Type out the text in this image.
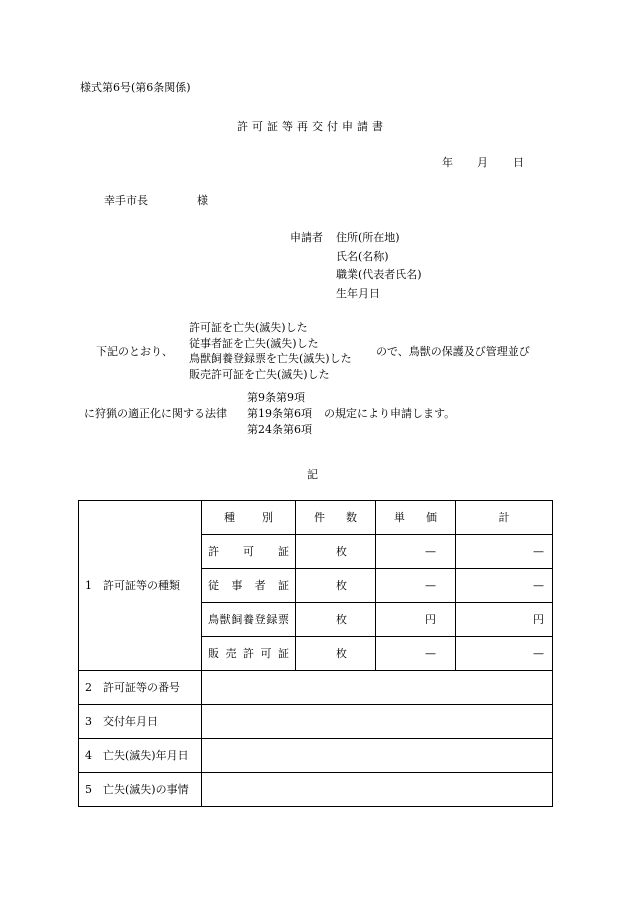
様式第6号(第6条関係)
許可証等再交付申請書
年 月 日
幸手市長	様
申請者 住所(所在地)
氏名(名称)
職業(代表者氏名)
生年月日
下記のとおり、
許可証を亡失(滅失)した
従事者証を亡失(滅失)した
鳥獣飼養登録票を亡失(滅失)した
販売許可証を亡失(滅失)した
ので、鳥獣の保護及び管理並び
に狩猟の適正化に関する法律
第9条第9項
第19条第6項
第24条第6項
の規定により申請します。
記
1　許可証等の種類	種別	件数	単価	計

	許可証	枚	—	—

	従事者証	枚	—	—

	鳥獣飼養登録票	枚	円	円

	販売許可証	枚	—	—
2　許可証等の番号				
3　交付年月日				
4　亡失(滅失)年月日				
5　亡失(滅失)の事情				
